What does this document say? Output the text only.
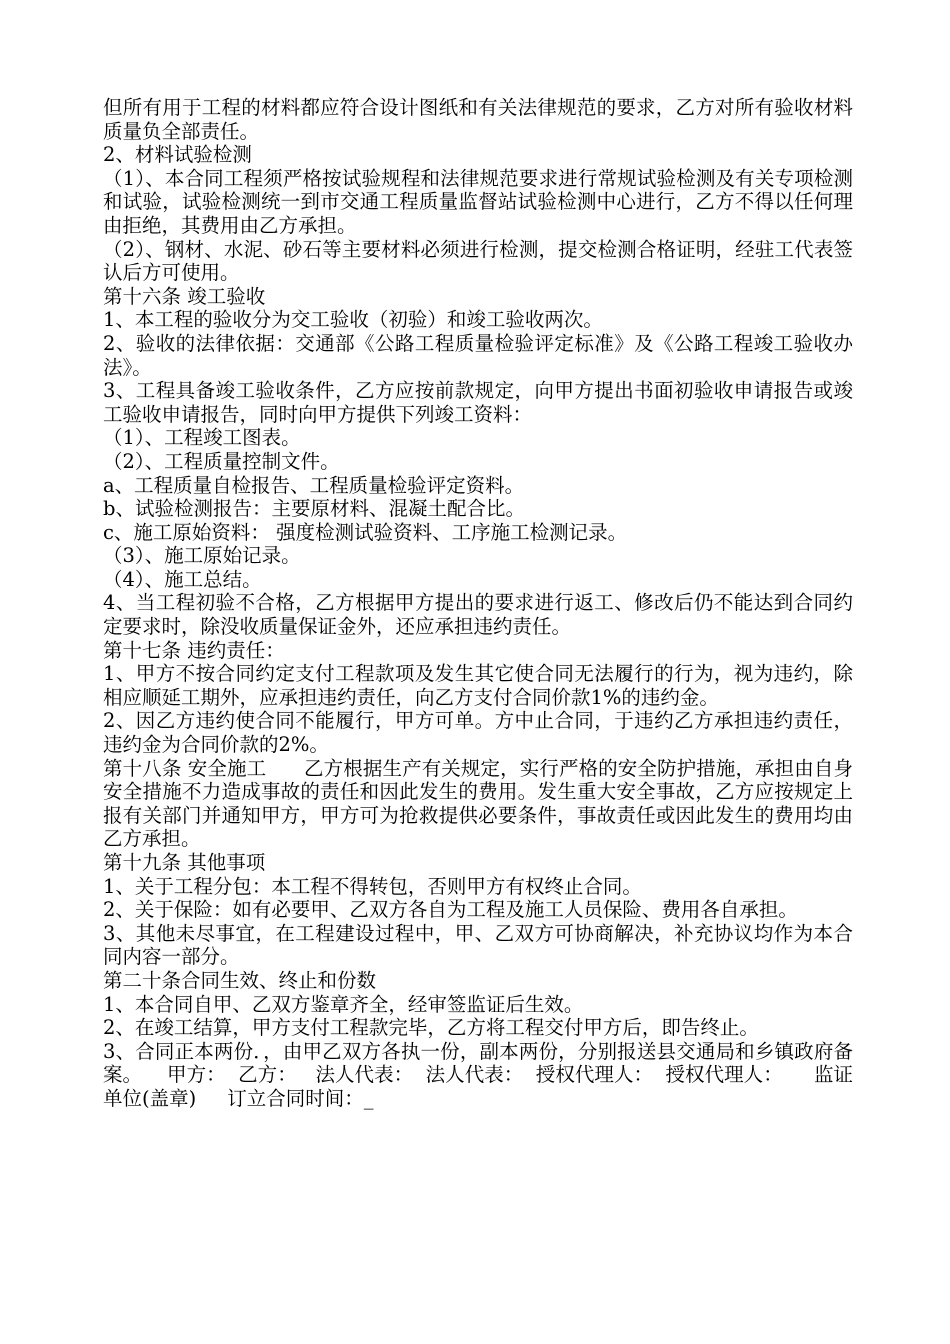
但所有用于工程的材料都应符合设计图纸和有关法律规范的要求，乙方对所有验收材料质量负全部责任。

2、材料试验检测

（1）、本合同工程须严格按试验规程和法律规范要求进行常规试验检测及有关专项检测和试验，试验检测统一到市交通工程质量监督站试验检测中心进行，乙方不得以任何理由拒绝，其费用由乙方承担。

（2）、钢材、水泥、砂石等主要材料必须进行检测，提交检测合格证明，经驻工代表签认后方可使用。

第十六条 竣工验收

1、本工程的验收分为交工验收（初验）和竣工验收两次。

2、验收的法律依据：交通部《公路工程质量检验评定标准》及《公路工程竣工验收办法》。

3、工程具备竣工验收条件，乙方应按前款规定，向甲方提出书面初验收申请报告或竣工验收申请报告，同时向甲方提供下列竣工资料：

（1）、工程竣工图表。

（2）、工程质量控制文件。

a、工程质量自检报告、工程质量检验评定资料。

b、试验检测报告：主要原材料、混凝土配合比。

c、施工原始资料： 强度检测试验资料、工序施工检测记录。

（3）、施工原始记录。

（4）、施工总结。

4、当工程初验不合格，乙方根据甲方提出的要求进行返工、修改后仍不能达到合同约定要求时，除没收质量保证金外，还应承担违约责任。

第十七条 违约责任：

1、甲方不按合同约定支付工程款项及发生其它使合同无法履行的行为，视为违约，除相应顺延工期外，应承担违约责任，向乙方支付合同价款1%的违约金。

2、因乙方违约使合同不能履行，甲方可单。方中止合同，于违约乙方承担违约责任，违约金为合同价款的2%。

第十八条 安全施工      乙方根据生产有关规定，实行严格的安全防护措施，承担由自身安全措施不力造成事故的责任和因此发生的费用。发生重大安全事故，乙方应按规定上报有关部门并通知甲方，甲方可为抢救提供必要条件，事故责任或因此发生的费用均由乙方承担。

第十九条 其他事项

1、关于工程分包：本工程不得转包，否则甲方有权终止合同。

2、关于保险：如有必要甲、乙双方各自为工程及施工人员保险、费用各自承担。

3、其他未尽事宜，在工程建设过程中，甲、乙双方可协商解决，补充协议均作为本合同内容一部分。

第二十条合同生效、终止和份数

1、本合同自甲、乙双方鉴章齐全，经审签监证后生效。

2、在竣工结算，甲方支付工程款完毕，乙方将工程交付甲方后，即告终止。

3、合同正本两份．，由甲乙双方各执一份，副本两份，分别报送县交通局和乡镇政府备案。    甲方：  乙方：   法人代表：  法人代表：  授权代理人：  授权代理人：     监证单位(盖章)     订立合同时间：_
